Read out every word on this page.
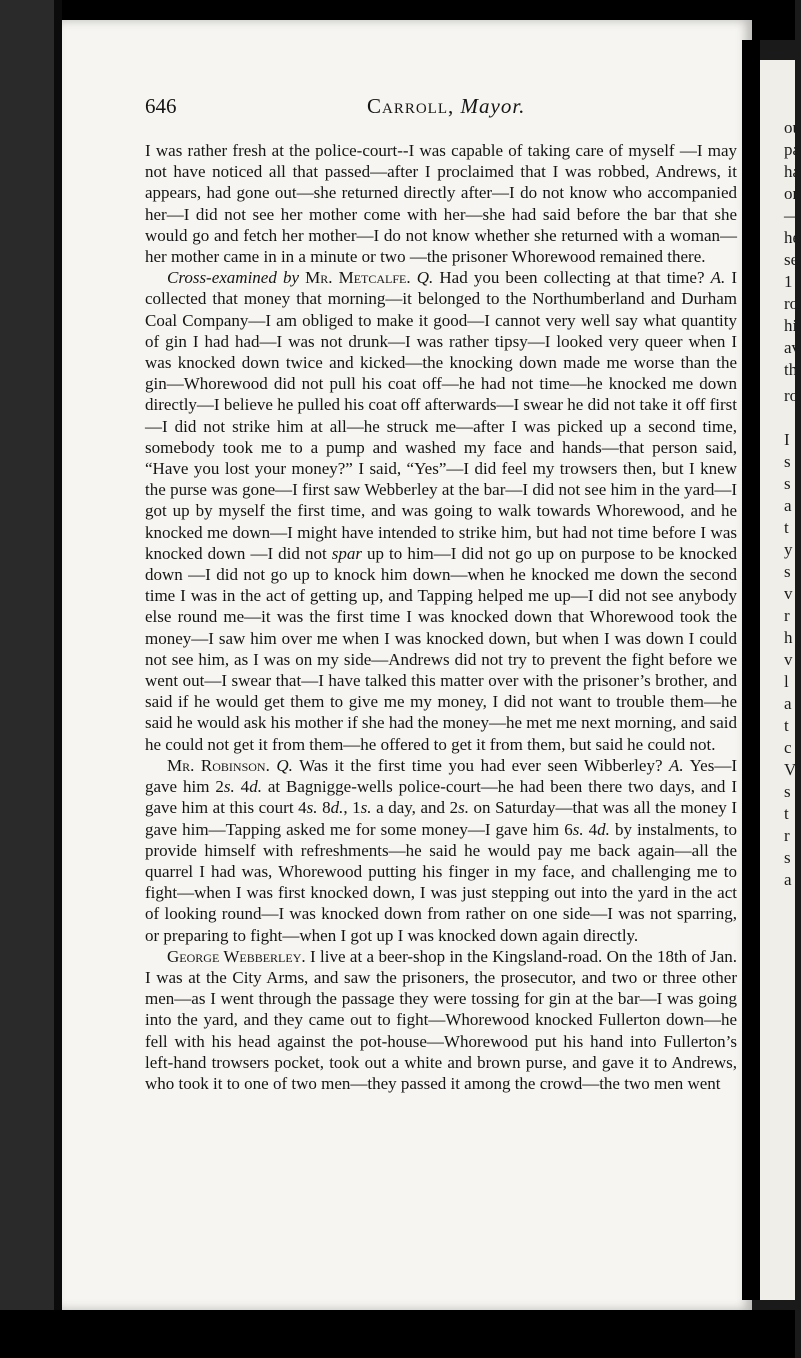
646	Carroll, Mayor.

I was rather fresh at the police-court--I was capable of taking care of myself —I may not have noticed all that passed—after I proclaimed that I was robbed, Andrews, it appears, had gone out—she returned directly after—I do not know who accompanied her—I did not see her mother come with her—she had said before the bar that she would go and fetch her mother—I do not know whether she returned with a woman—her mother came in in a minute or two —the prisoner Whorewood remained there.

Cross-examined by Mr. Metcalfe. Q. Had you been collecting at that time? A. I collected that money that morning—it belonged to the Northumberland and Durham Coal Company—I am obliged to make it good—I cannot very well say what quantity of gin I had had—I was not drunk—I was rather tipsy—I looked very queer when I was knocked down twice and kicked—the knocking down made me worse than the gin—Whorewood did not pull his coat off—he had not time—he knocked me down directly—I believe he pulled his coat off afterwards—I swear he did not take it off first—I did not strike him at all—he struck me—after I was picked up a second time, somebody took me to a pump and washed my face and hands—that person said, “Have you lost your money?” I said, “Yes”—I did feel my trowsers then, but I knew the purse was gone—I first saw Webberley at the bar—I did not see him in the yard—I got up by myself the first time, and was going to walk towards Whorewood, and he knocked me down—I might have intended to strike him, but had not time before I was knocked down —I did not spar up to him—I did not go up on purpose to be knocked down —I did not go up to knock him down—when he knocked me down the second time I was in the act of getting up, and Tapping helped me up—I did not see anybody else round me—it was the first time I was knocked down that Whorewood took the money—I saw him over me when I was knocked down, but when I was down I could not see him, as I was on my side—Andrews did not try to prevent the fight before we went out—I swear that—I have talked this matter over with the prisoner’s brother, and said if he would get them to give me my money, I did not want to trouble them—he said he would ask his mother if she had the money—he met me next morning, and said he could not get it from them—he offered to get it from them, but said he could not.

Mr. Robinson. Q. Was it the first time you had ever seen Wibberley? A. Yes—I gave him 2s. 4d. at Bagnigge-wells police-court—he had been there two days, and I gave him at this court 4s. 8d., 1s. a day, and 2s. on Saturday—that was all the money I gave him—Tapping asked me for some money—I gave him 6s. 4d. by instalments, to provide himself with refreshments—he said he would pay me back again—all the quarrel I had was, Whorewood putting his finger in my face, and challenging me to fight—when I was first knocked down, I was just stepping out into the yard in the act of looking round—I was knocked down from rather on one side—I was not sparring, or preparing to fight—when I got up I was knocked down again directly.

George Webberley. I live at a beer-shop in the Kingsland-road. On the 18th of Jan. I was at the City Arms, and saw the prisoners, the prosecutor, and two or three other men—as I went through the passage they were tossing for gin at the bar—I was going into the yard, and they came out to fight—Whorewood knocked Fullerton down—he fell with his head against the pot-house—Whorewood put his hand into Fullerton’s left-hand trowsers pocket, took out a white and brown purse, and gave it to Andrews, who took it to one of two men—they passed it among the crowd—the two men went

ou
pa
ha
or
—
he
se
1
ro
hi
av
th
ro
I
s
s
a
t
y
s
v
r
h
v
l
a
t
c
V
s
t
r
s
a
